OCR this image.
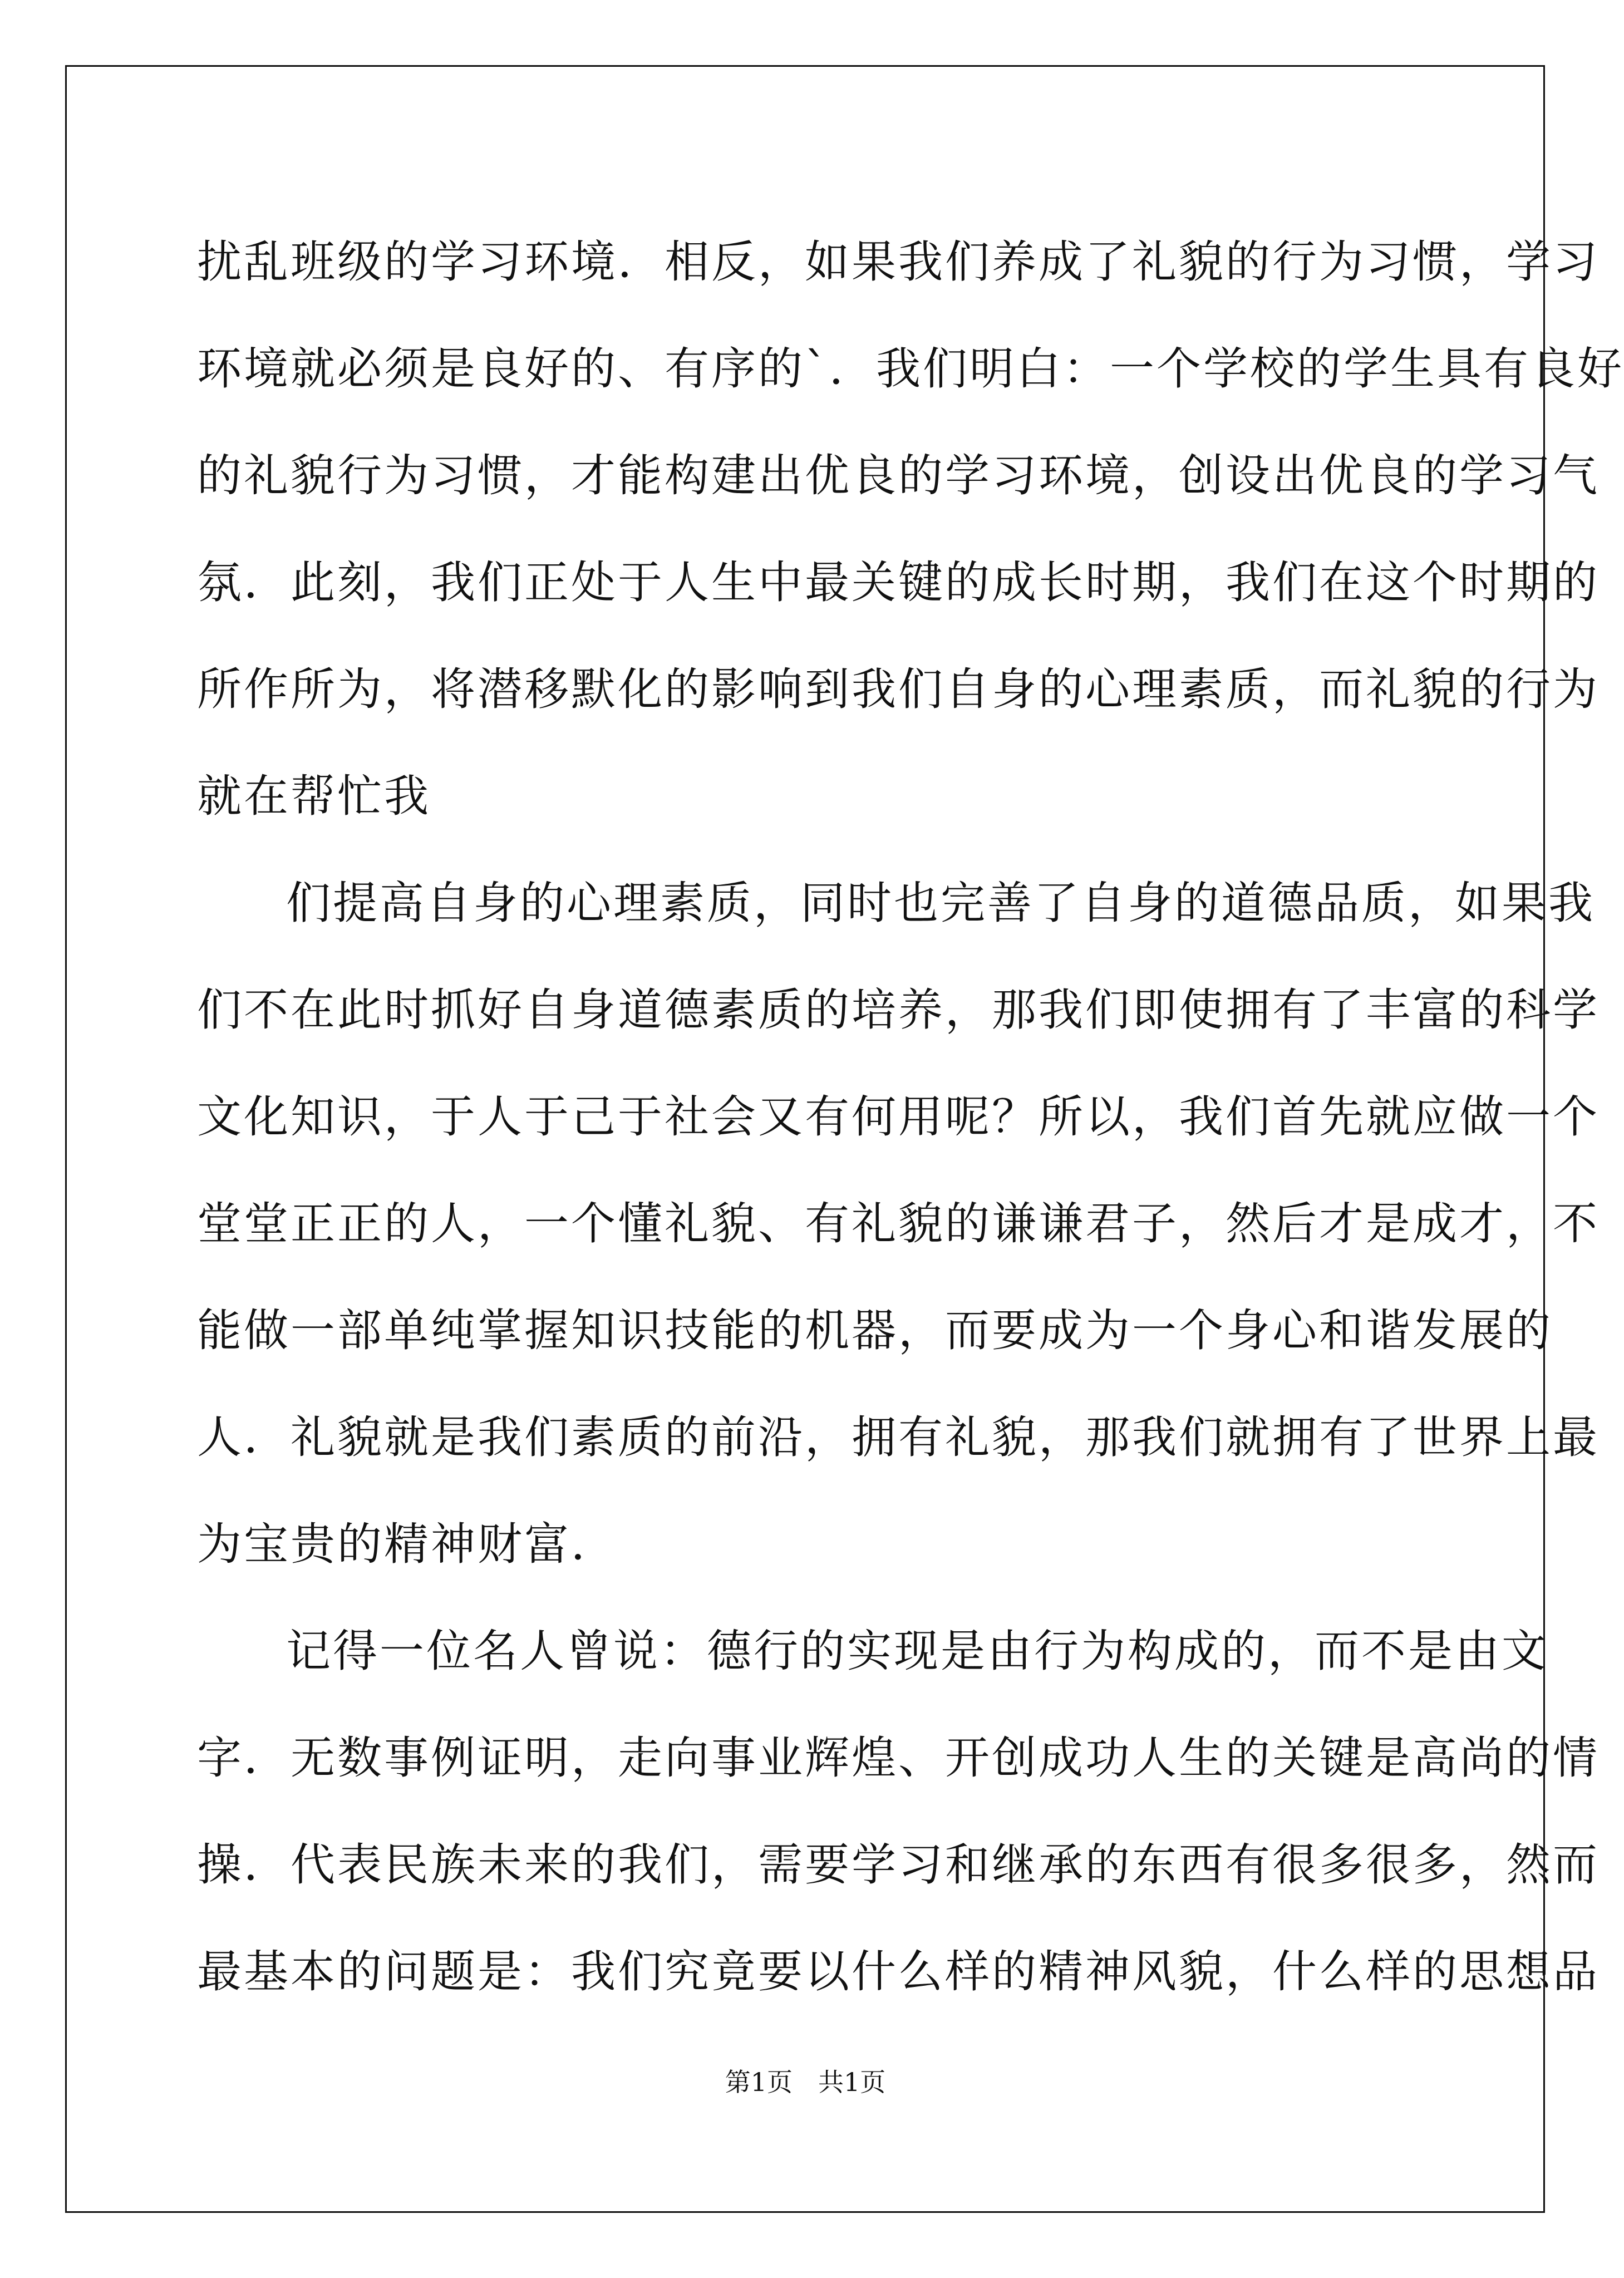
扰乱班级的学习环境．相反，如果我们养成了礼貌的行为习惯，学习
环境就必须是良好的、有序的`．我们明白：一个学校的学生具有良好
的礼貌行为习惯，才能构建出优良的学习环境，创设出优良的学习气
氛．此刻，我们正处于人生中最关键的成长时期，我们在这个时期的
所作所为，将潜移默化的影响到我们自身的心理素质，而礼貌的行为
就在帮忙我
们提高自身的心理素质，同时也完善了自身的道德品质，如果我
们不在此时抓好自身道德素质的培养，那我们即使拥有了丰富的科学
文化知识，于人于己于社会又有何用呢？所以，我们首先就应做一个
堂堂正正的人，一个懂礼貌、有礼貌的谦谦君子，然后才是成才，不
能做一部单纯掌握知识技能的机器，而要成为一个身心和谐发展的
人．礼貌就是我们素质的前沿，拥有礼貌，那我们就拥有了世界上最
为宝贵的精神财富．
记得一位名人曾说：德行的实现是由行为构成的，而不是由文
字．无数事例证明，走向事业辉煌、开创成功人生的关键是高尚的情
操．代表民族未来的我们，需要学习和继承的东西有很多很多，然而
最基本的问题是：我们究竟要以什么样的精神风貌，什么样的思想品
第1页　共1页
